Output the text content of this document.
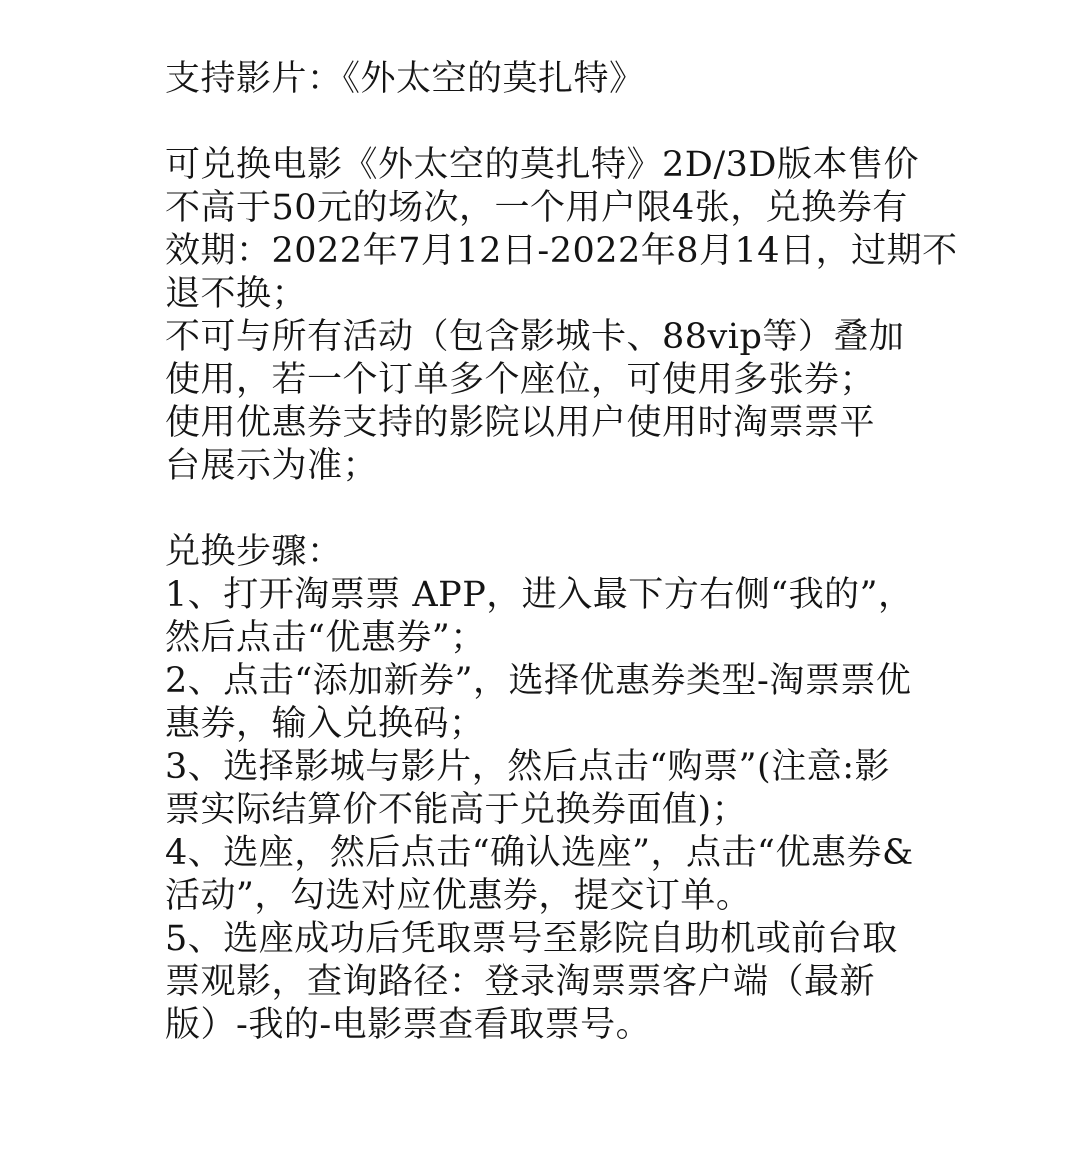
支持影片：《外太空的莫扎特》
可兑换电影《外太空的莫扎特》2D/3D版本售价
不高于50元的场次，一个用户限4张，兑换券有
效期：2022年7月12日-2022年8月14日，过期不
退不换；
不可与所有活动（包含影城卡、88vip等）叠加
使用，若一个订单多个座位，可使用多张券；
使用优惠券支持的影院以用户使用时淘票票平
台展示为准；
兑换步骤：
1、打开淘票票 APP，进入最下方右侧“我的”，
然后点击“优惠券”；
2、点击“添加新券”，选择优惠券类型-淘票票优
惠券，输入兑换码；
3、选择影城与影片，然后点击“购票”(注意:影
票实际结算价不能高于兑换券面值)；
4、选座，然后点击“确认选座”，点击“优惠券&
活动”，勾选对应优惠券，提交订单。
5、选座成功后凭取票号至影院自助机或前台取
票观影，查询路径：登录淘票票客户端（最新
版）-我的-电影票查看取票号。
